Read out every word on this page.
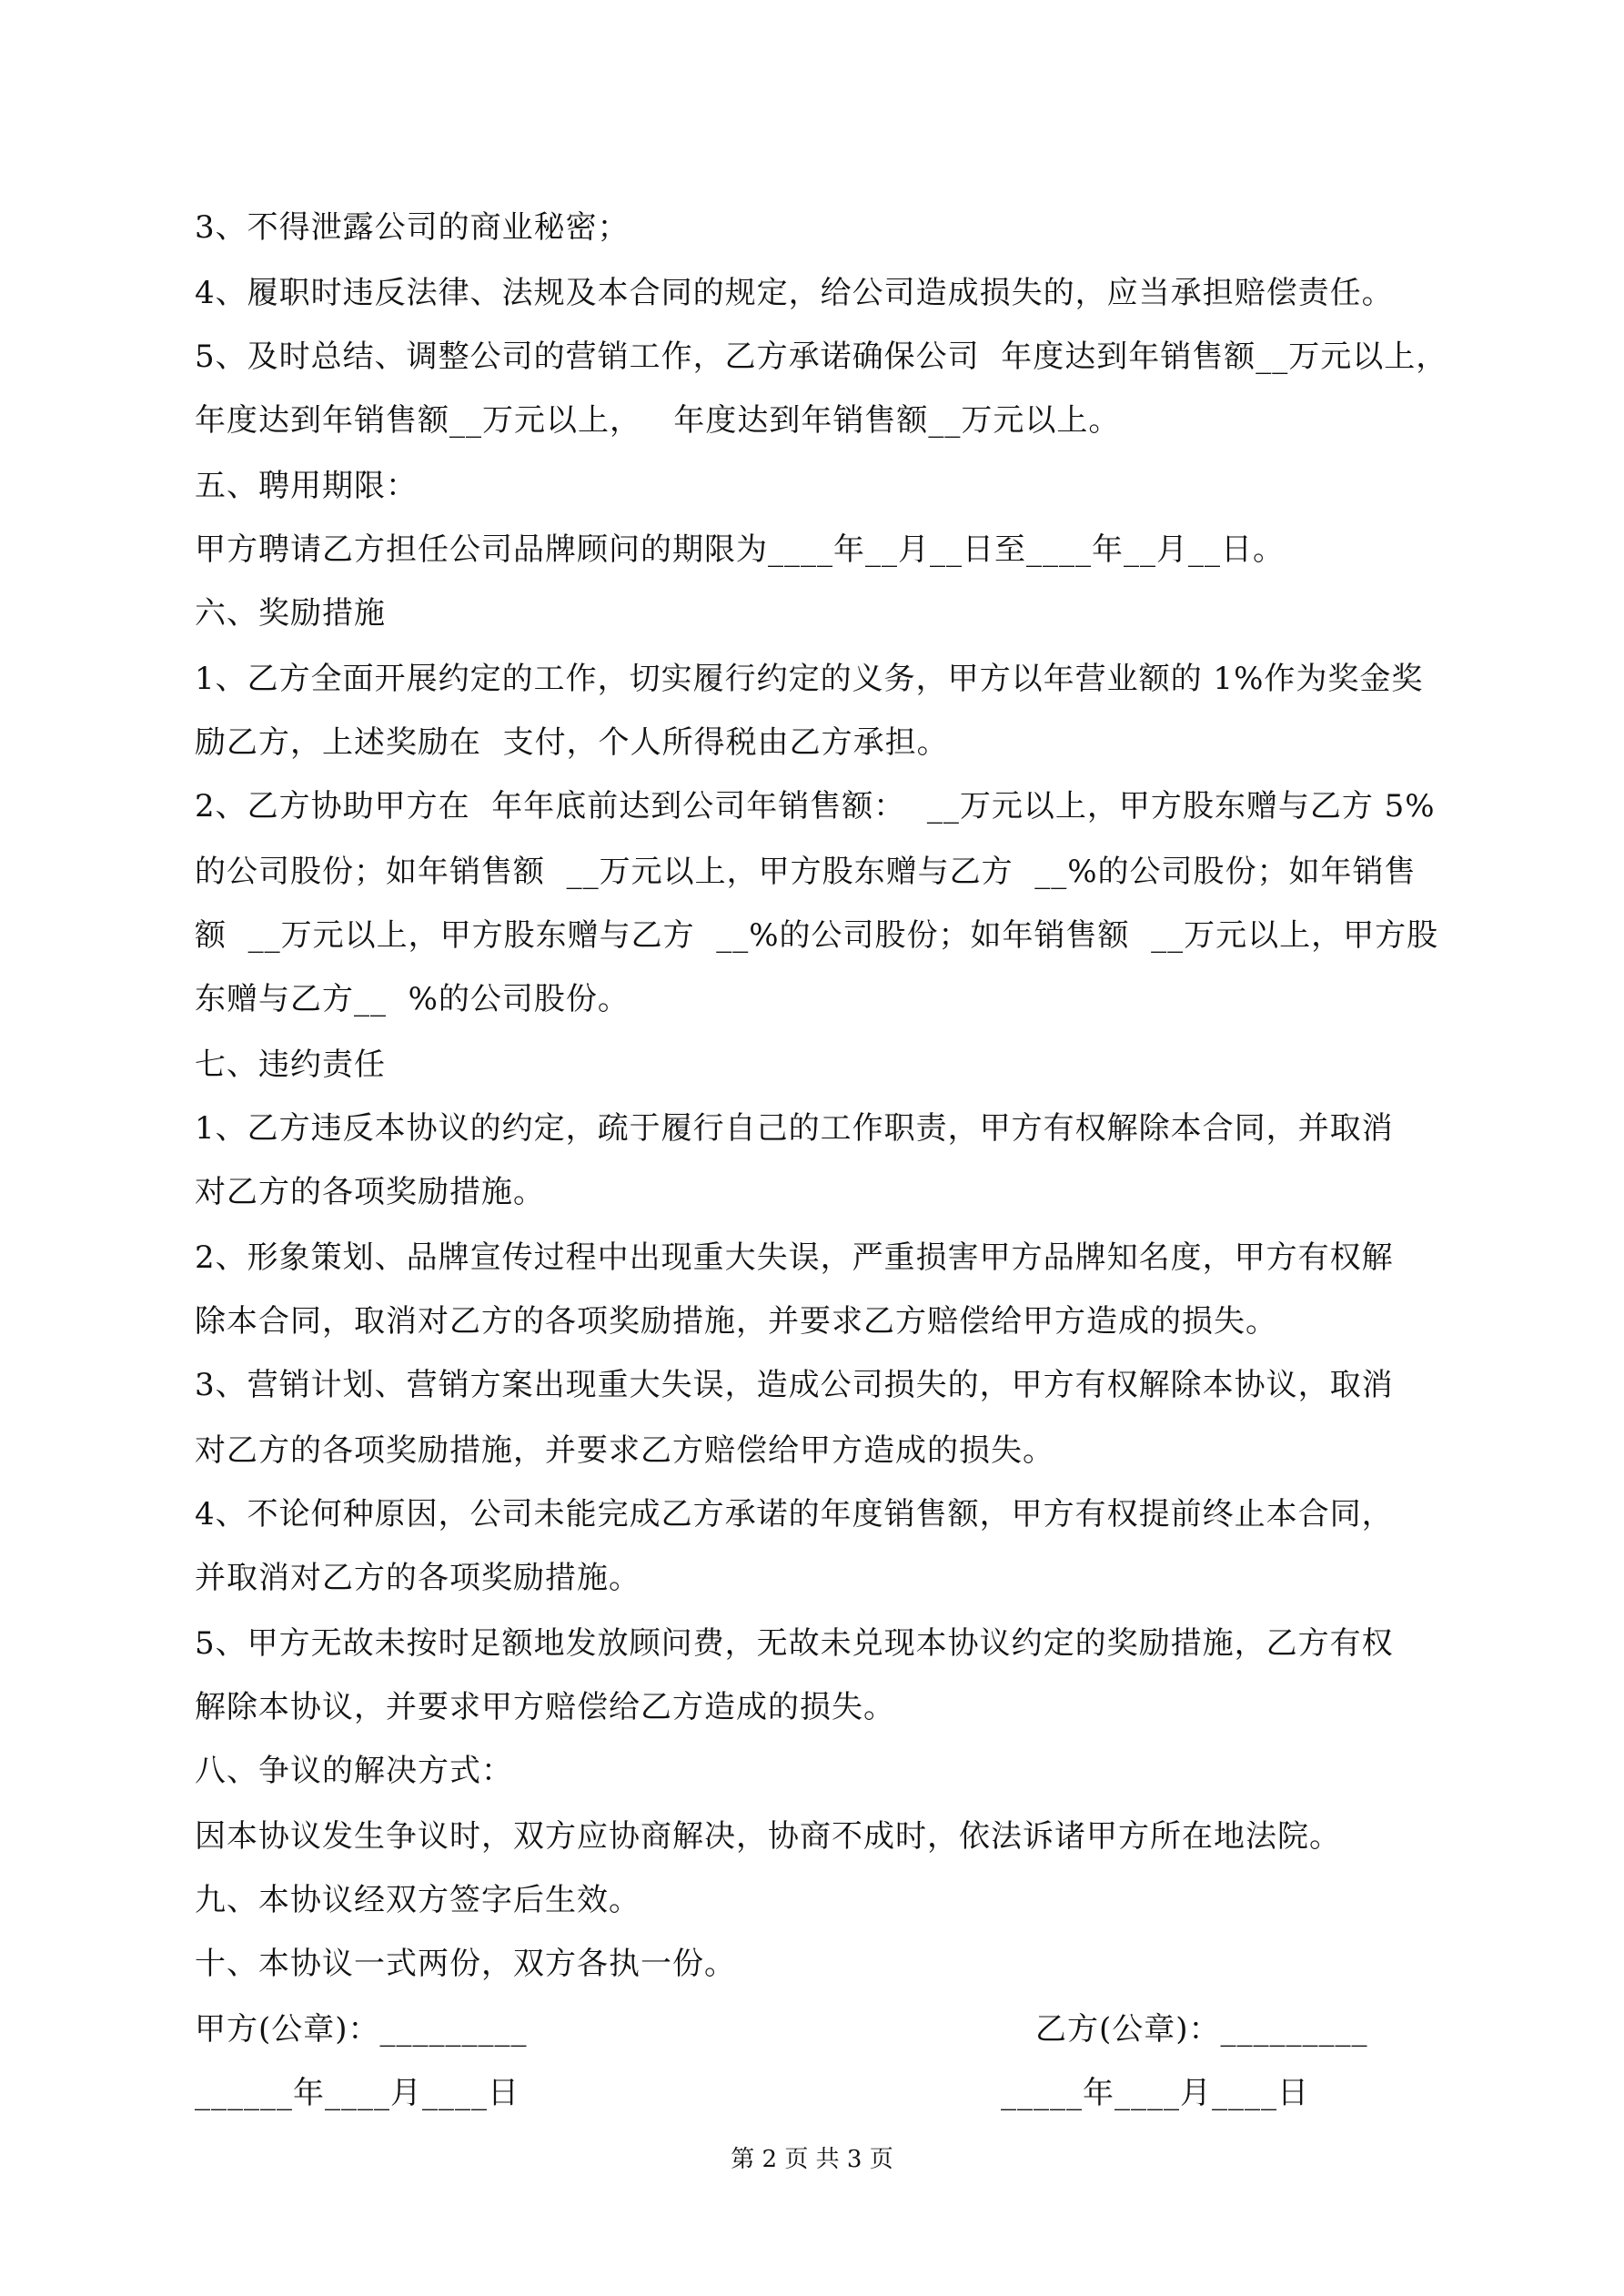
3、不得泄露公司的商业秘密；
4、履职时违反法律、法规及本合同的规定，给公司造成损失的，应当承担赔偿责任。
5、及时总结、调整公司的营销工作，乙方承诺确保公司  年度达到年销售额__万元以上，
年度达到年销售额__万元以上，   年度达到年销售额__万元以上。
五、聘用期限：
甲方聘请乙方担任公司品牌顾问的期限为____年__月__日至____年__月__日。
六、奖励措施
1、乙方全面开展约定的工作，切实履行约定的义务，甲方以年营业额的 1%作为奖金奖
励乙方，上述奖励在  支付，个人所得税由乙方承担。
2、乙方协助甲方在  年年底前达到公司年销售额：  __万元以上，甲方股东赠与乙方 5%
的公司股份；如年销售额  __万元以上，甲方股东赠与乙方  __%的公司股份；如年销售
额  __万元以上，甲方股东赠与乙方  __%的公司股份；如年销售额  __万元以上，甲方股
东赠与乙方__  %的公司股份。
七、违约责任
1、乙方违反本协议的约定，疏于履行自己的工作职责，甲方有权解除本合同，并取消
对乙方的各项奖励措施。
2、形象策划、品牌宣传过程中出现重大失误，严重损害甲方品牌知名度，甲方有权解
除本合同，取消对乙方的各项奖励措施，并要求乙方赔偿给甲方造成的损失。
3、营销计划、营销方案出现重大失误，造成公司损失的，甲方有权解除本协议，取消
对乙方的各项奖励措施，并要求乙方赔偿给甲方造成的损失。
4、不论何种原因，公司未能完成乙方承诺的年度销售额，甲方有权提前终止本合同，
并取消对乙方的各项奖励措施。
5、甲方无故未按时足额地发放顾问费，无故未兑现本协议约定的奖励措施，乙方有权
解除本协议，并要求甲方赔偿给乙方造成的损失。
八、争议的解决方式：
因本协议发生争议时，双方应协商解决，协商不成时，依法诉诸甲方所在地法院。
九、本协议经双方签字后生效。
十、本协议一式两份，双方各执一份。
甲方(公章)：_________	乙方(公章)：_________
______年____月____日	_____年____月____日
第 2 页 共 3 页
